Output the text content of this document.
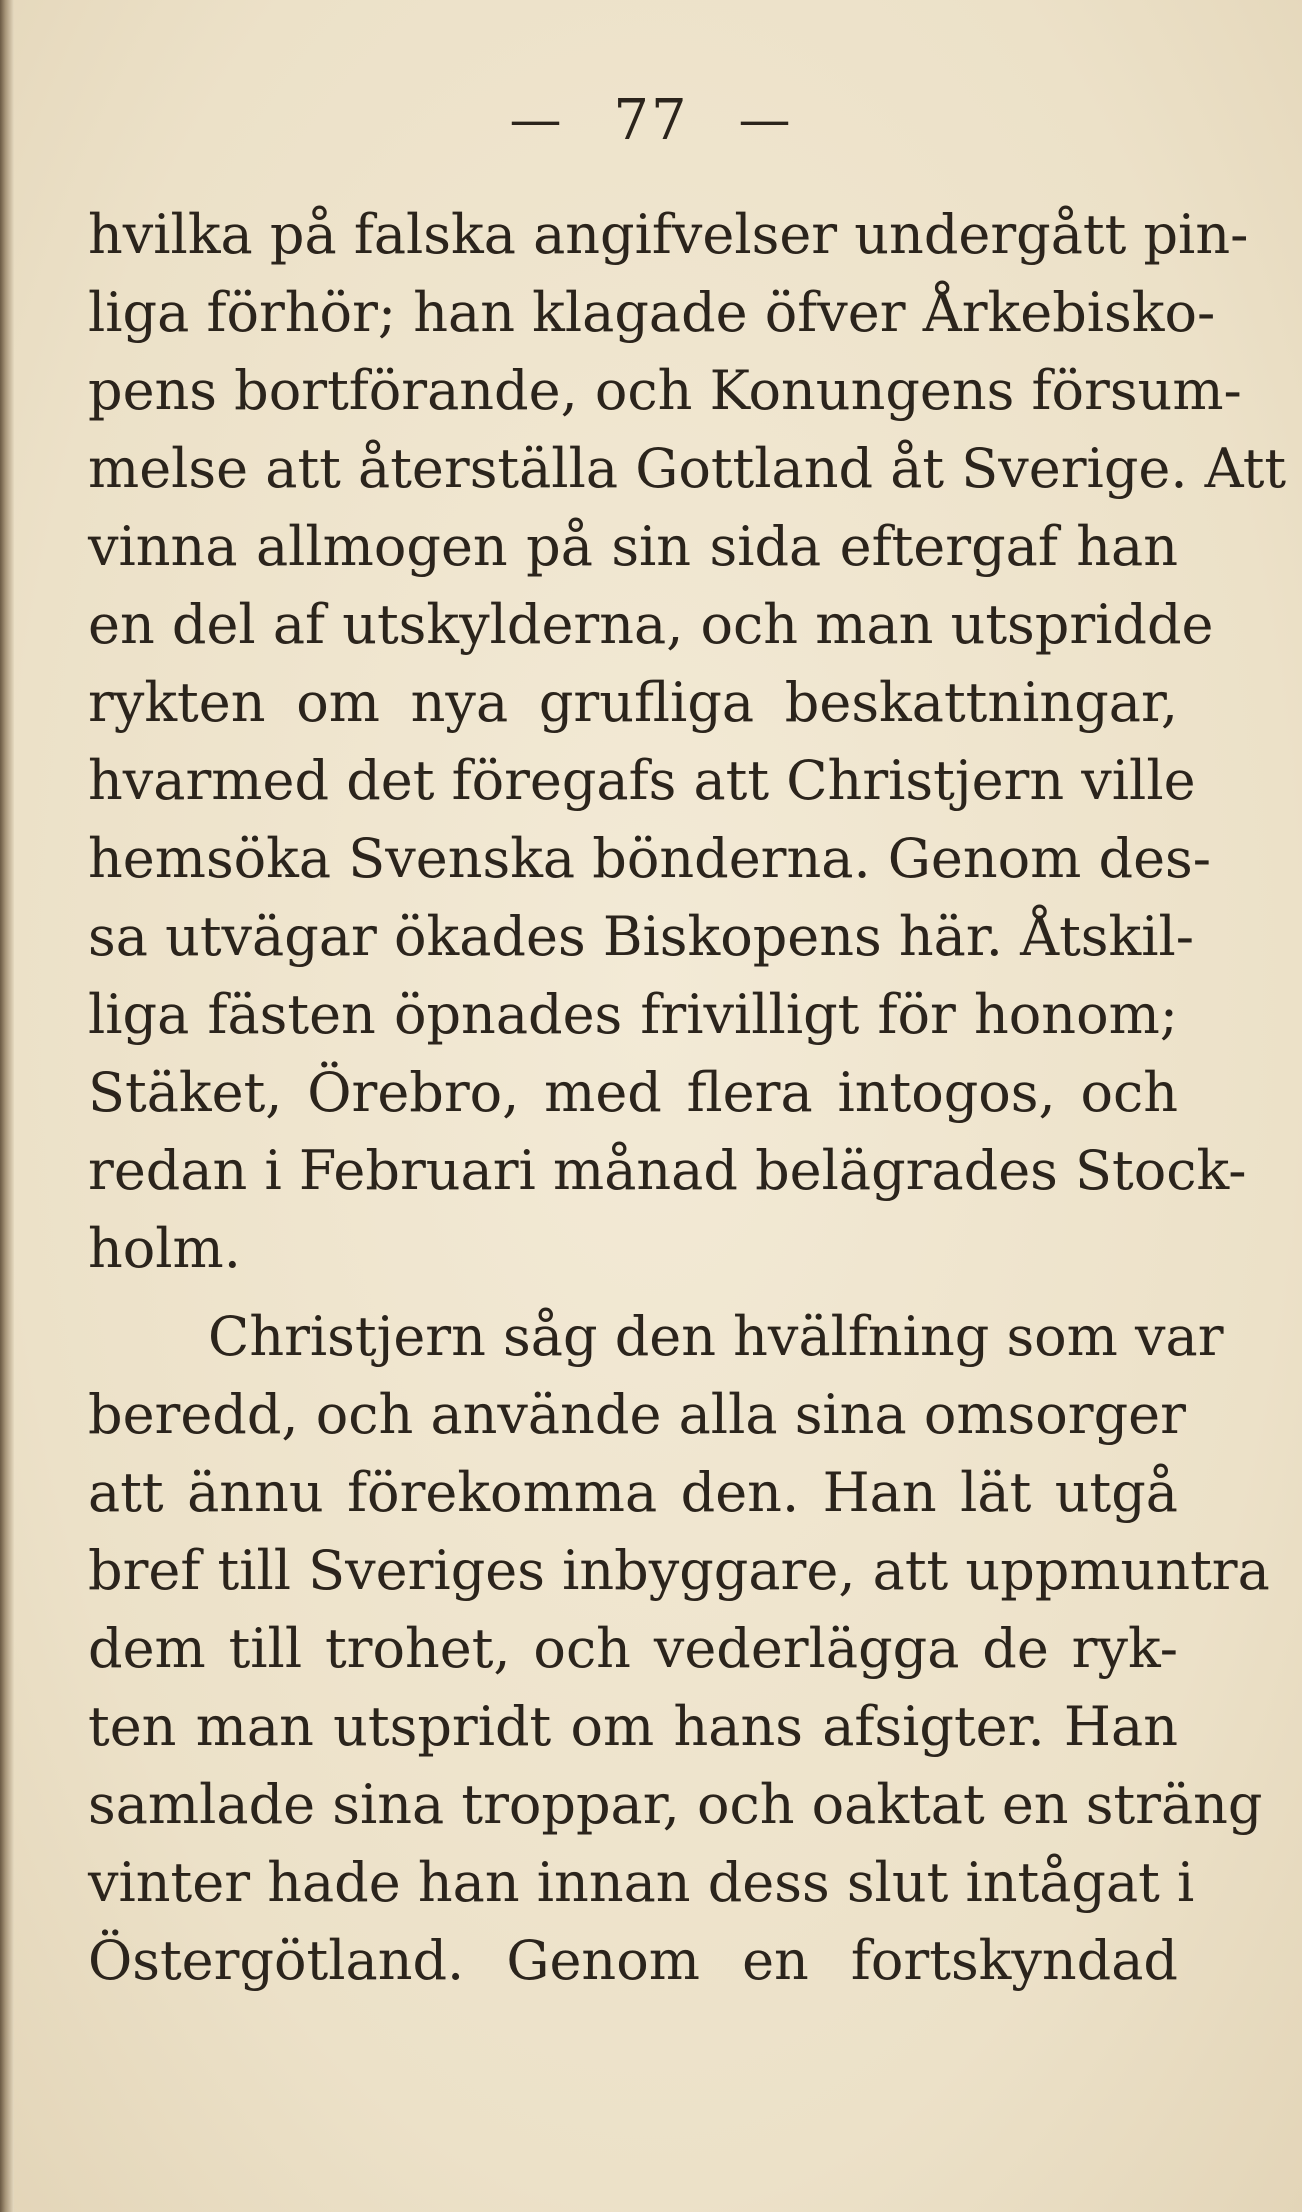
— 77 —
hvilka på falska angifvelser undergått pin-
liga förhör; han klagade öfver Årkebisko-
pens bortförande, och Konungens försum-
melse att återställa Gottland åt Sverige. Att
vinna allmogen på sin sida eftergaf han
en del af utskylderna, och man utspridde
rykten om nya grufliga beskattningar,
hvarmed det föregafs att Christjern ville
hemsöka Svenska bönderna. Genom des-
sa utvägar ökades Biskopens här. Åtskil-
liga fästen öpnades frivilligt för honom;
Stäket, Örebro, med flera intogos, och
redan i Februari månad belägrades Stock-
holm.
Christjern såg den hvälfning som var
beredd, och använde alla sina omsorger
att ännu förekomma den. Han lät utgå
bref till Sveriges inbyggare, att uppmuntra
dem till trohet, och vederlägga de ryk-
ten man utspridt om hans afsigter. Han
samlade sina troppar, och oaktat en sträng
vinter hade han innan dess slut intågat i
Östergötland. Genom en fortskyndad
